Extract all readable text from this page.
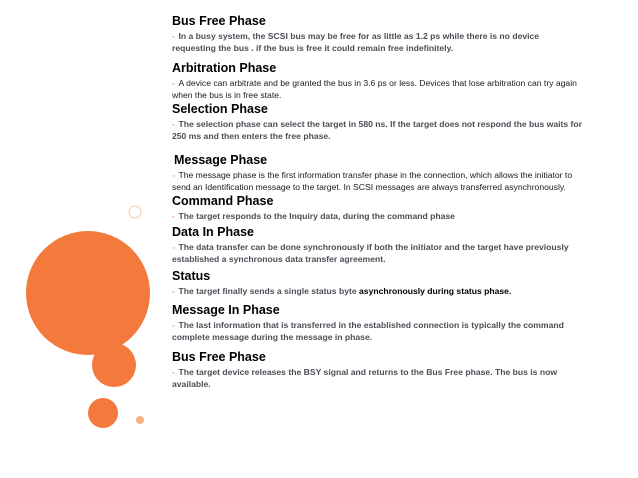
Bus Free Phase

▫ In a busy system, the SCSI bus may be free for as little as 1.2 ps while there is no device requesting the bus . if the bus is free it could remain free indefinitely.

Arbitration Phase

▫ A device can arbitrate and be granted the bus in 3.6 ps or less. Devices that lose arbitration can try again when the bus is in free state.

Selection Phase

▫ The selection phase can select the target in 580 ns. If the target does not respond the bus waits for 250 ms and then enters the free phase.

Message Phase

▫ The message phase is the first information transfer phase in the connection, which allows the initiator to send an Identification message to the target. In SCSI messages are always transferred asynchronously.

Command Phase

▫ The target responds to the Inquiry data, during the command phase

Data In Phase

▫ The data transfer can be done synchronously if both the initiator and the target have previously established a synchronous data transfer agreement.

Status

▫ The target finally sends a single status byte asynchronously during status phase.

Message In Phase

▫ The last information that is transferred in the established connection is typically the command complete message during the message in phase.

Bus Free Phase

▫ The target device releases the BSY signal and returns to the Bus Free phase. The bus is now available.
